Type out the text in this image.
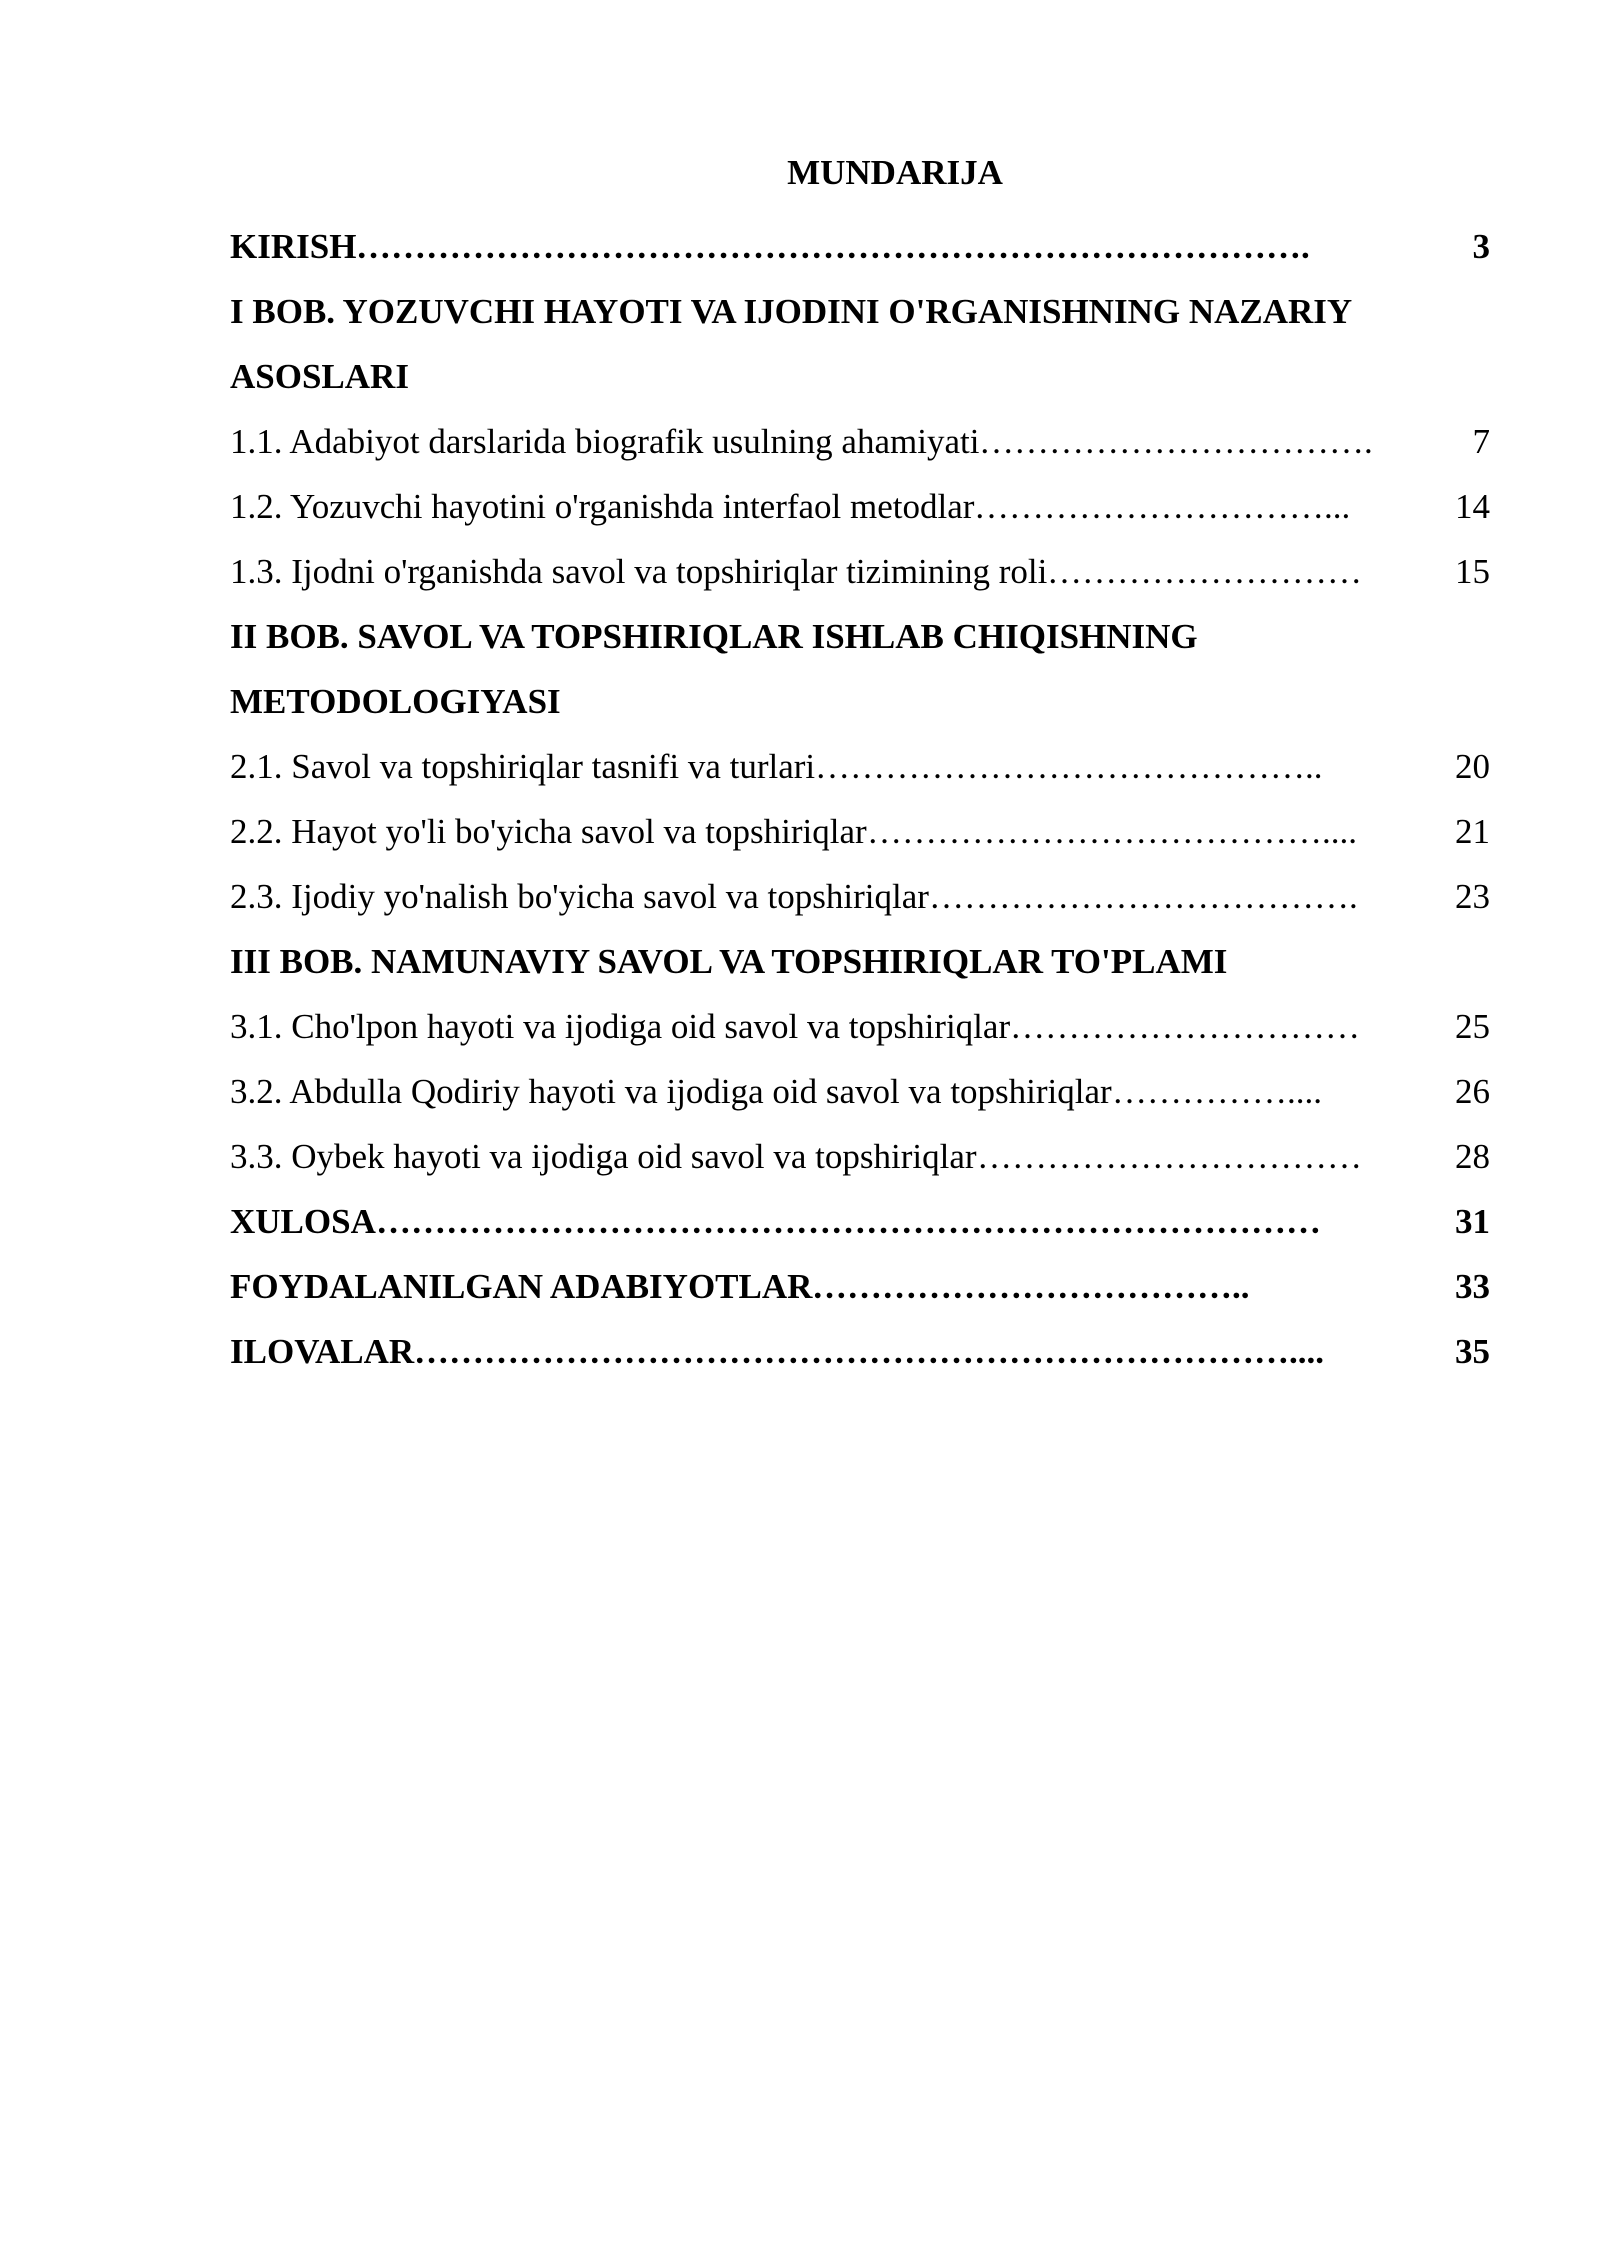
MUNDARIJA
KIRISH ……………………………………………………………………….	3
I BOB. YOZUVCHI HAYOTI VA IJODINI O'RGANISHNING NAZARIY
ASOSLARI
1.1. Adabiyot darslarida biografik usulning ahamiyati …………………………….	7
1.2. Yozuvchi hayotini o'rganishda interfaol metodlar …………………………...	14
1.3. Ijodni o'rganishda savol va topshiriqlar tizimining roli ………………………	15
II BOB. SAVOL VA TOPSHIRIQLAR ISHLAB CHIQISHNING
METODOLOGIYASI
2.1. Savol va topshiriqlar tasnifi va turlari ……………………………………..	20
2.2. Hayot yo'li bo'yicha savol va topshiriqlar …………………………………....	21
2.3. Ijodiy yo'nalish bo'yicha savol va topshiriqlar ……………………………….	23
III BOB. NAMUNAVIY SAVOL VA TOPSHIRIQLAR TO'PLAMI
3.1. Cho'lpon hayoti va ijodiga oid savol va topshiriqlar …………………………	25
3.2. Abdulla Qodiriy hayoti va ijodiga oid savol va topshiriqlar ……………....	26
3.3. Oybek hayoti va ijodiga oid savol va topshiriqlar ……………………………	28
XULOSA ………………………………………………………………………	31
FOYDALANILGAN ADABIYOTLAR ………………………………..	33
ILOVALAR …………………………………………………………………....	35
